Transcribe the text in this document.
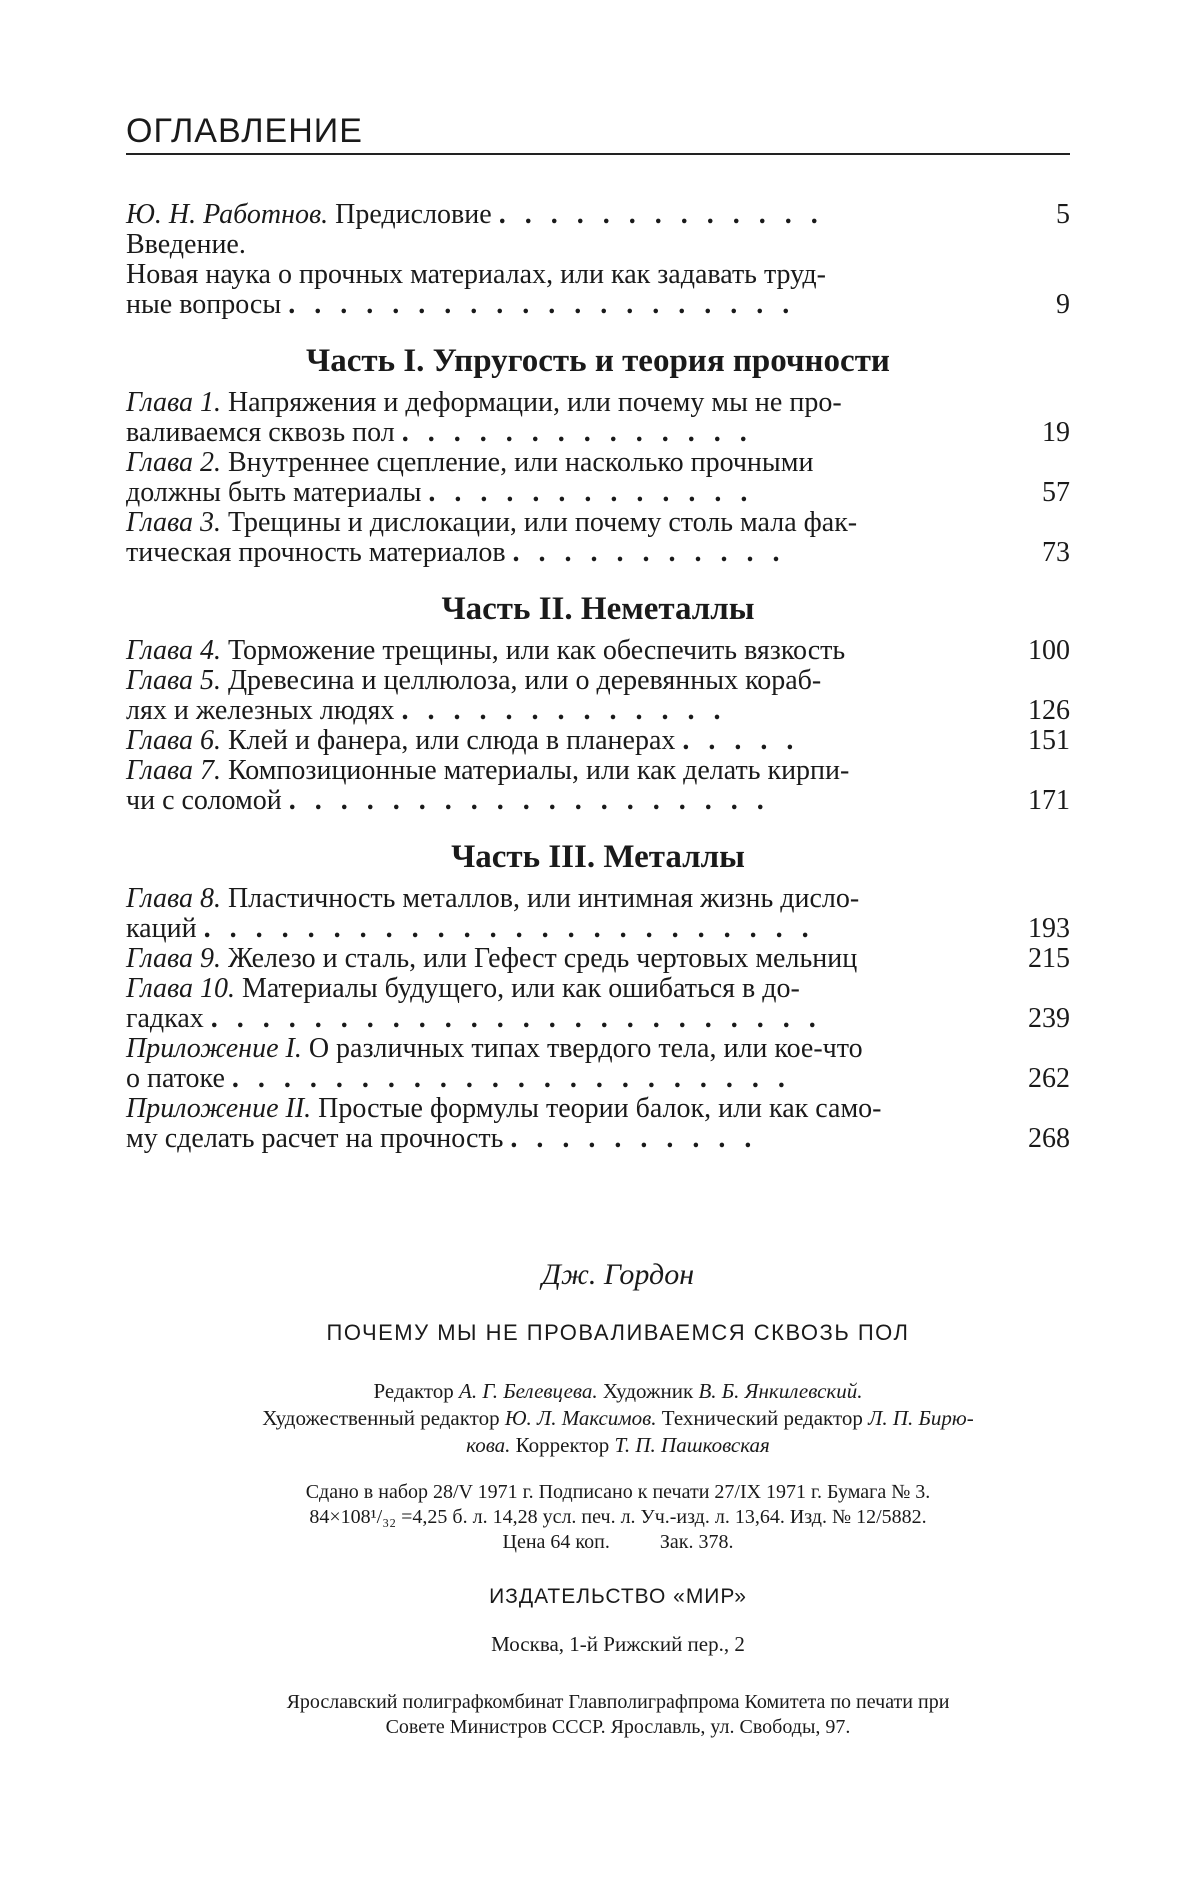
ОГЛАВЛЕНИЕ
Ю. Н. Работнов. Предисловие . . . . . . . . . . . . .	5
Введение.
Новая наука о прочных материалах, или как задавать труд-
ные вопросы . . . . . . . . . . . . . . . . . . . .	9
Часть I. Упругость и теория прочности
Глава 1. Напряжения и деформации, или почему мы не про-
валиваемся сквозь пол . . . . . . . . . . . . . .	19
Глава 2. Внутреннее сцепление, или насколько прочными
должны быть материалы . . . . . . . . . . . . .	57
Глава 3. Трещины и дислокации, или почему столь мала фак-
тическая прочность материалов . . . . . . . . . . .	73
Часть II. Неметаллы
Глава 4. Торможение трещины, или как обеспечить вязкость	100
Глава 5. Древесина и целлюлоза, или о деревянных кораб-
лях и железных людях . . . . . . . . . . . . .	126
Глава 6. Клей и фанера, или слюда в планерах . . . . .	151
Глава 7. Композиционные материалы, или как делать кирпи-
чи с соломой . . . . . . . . . . . . . . . . . . .	171
Часть III. Металлы
Глава 8. Пластичность металлов, или интимная жизнь дисло-
каций . . . . . . . . . . . . . . . . . . . . . . . .	193
Глава 9. Железо и сталь, или Гефест средь чертовых мельниц	215
Глава 10. Материалы будущего, или как ошибаться в до-
гадках . . . . . . . . . . . . . . . . . . . . . . . .	239
Приложение I. О различных типах твердого тела, или кое-что
о патоке . . . . . . . . . . . . . . . . . . . . . .	262
Приложение II. Простые формулы теории балок, или как само-
му сделать расчет на прочность . . . . . . . . . .	268
Дж. Гордон
ПОЧЕМУ МЫ НЕ ПРОВАЛИВАЕМСЯ СКВОЗЬ ПОЛ
Редактор А. Г. Белевцева. Художник В. Б. Янкилевский.
Художественный редактор Ю. Л. Максимов. Технический редактор Л. П. Бирю-
кова. Корректор Т. П. Пашковская
Сдано в набор 28/V 1971 г. Подписано к печати 27/IX 1971 г. Бумага № 3.
84×108¹/₃₂ =4,25 б. л. 14,28 усл. печ. л. Уч.-изд. л. 13,64. Изд. № 12/5882.
Цена 64 коп.          Зак. 378.
ИЗДАТЕЛЬСТВО «МИР»
Москва, 1-й Рижский пер., 2
Ярославский полиграфкомбинат Главполиграфпрома Комитета по печати при
Совете Министров СССР. Ярославль, ул. Свободы, 97.
